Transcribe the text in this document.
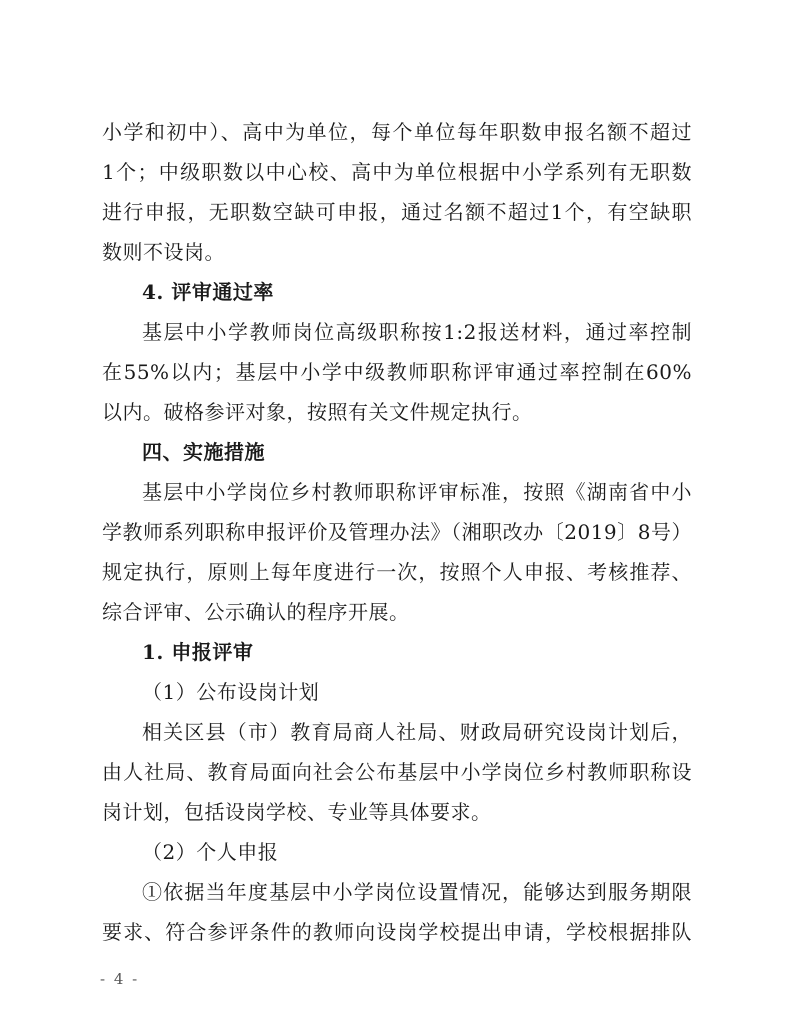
小学和初中）、高中为单位，每个单位每年职数申报名额不超过
1个；中级职数以中心校、高中为单位根据中小学系列有无职数
进行申报，无职数空缺可申报，通过名额不超过1个，有空缺职
数则不设岗。
4. 评审通过率
基层中小学教师岗位高级职称按1:2报送材料，通过率控制
在55%以内；基层中小学中级教师职称评审通过率控制在60%
以内。破格参评对象，按照有关文件规定执行。
四、实施措施
基层中小学岗位乡村教师职称评审标准，按照《湖南省中小
学教师系列职称申报评价及管理办法》（湘职改办〔2019〕8号）
规定执行，原则上每年度进行一次，按照个人申报、考核推荐、
综合评审、公示确认的程序开展。
1. 申报评审
（1）公布设岗计划
相关区县（市）教育局商人社局、财政局研究设岗计划后，
由人社局、教育局面向社会公布基层中小学岗位乡村教师职称设
岗计划，包括设岗学校、专业等具体要求。
（2）个人申报
①依据当年度基层中小学岗位设置情况，能够达到服务期限
要求、符合参评条件的教师向设岗学校提出申请，学校根据排队
- 4 -
